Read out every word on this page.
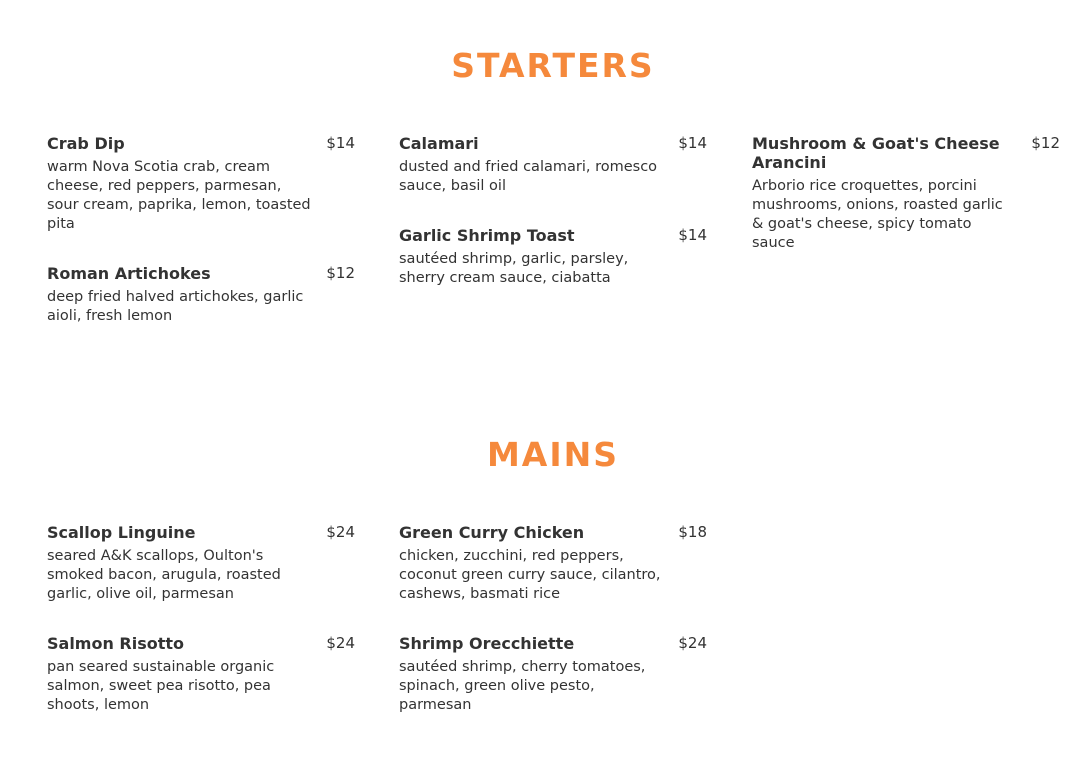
STARTERS
Crab Dip	$14

warm Nova Scotia crab, cream cheese, red peppers, parmesan, sour cream, paprika, lemon, toasted pita

Roman Artichokes	$12

deep fried halved artichokes, garlic aioli, fresh lemon

Calamari	$14

dusted and fried calamari, romesco sauce, basil oil

Garlic Shrimp Toast	$14

sautéed shrimp, garlic, parsley, sherry cream sauce, ciabatta

Mushroom & Goat's Cheese Arancini
$12

Arborio rice croquettes, porcini mushrooms, onions, roasted garlic & goat's cheese, spicy tomato sauce

MAINS
Scallop Linguine	$24

seared A&K scallops, Oulton's smoked bacon, arugula, roasted garlic, olive oil, parmesan

Salmon Risotto	$24

pan seared sustainable organic salmon, sweet pea risotto, pea shoots, lemon

Green Curry Chicken	$18

chicken, zucchini, red peppers, coconut green curry sauce, cilantro, cashews, basmati rice

Shrimp Orecchiette	$24

sautéed shrimp, cherry tomatoes, spinach, green olive pesto, parmesan
